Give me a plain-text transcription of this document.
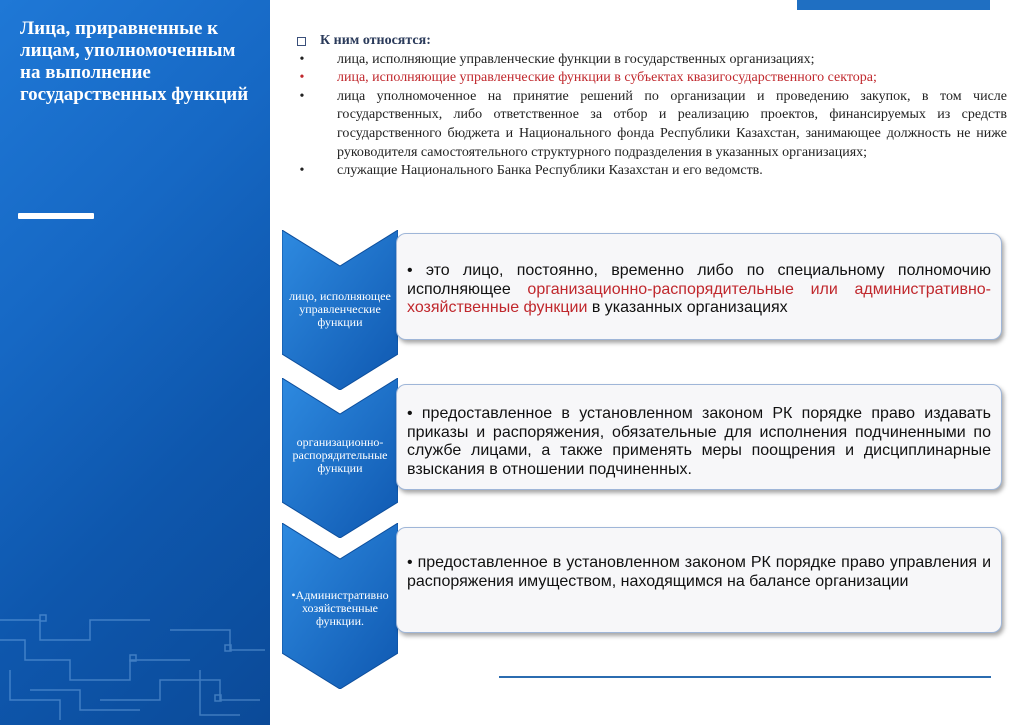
Лица, приравненные к лицам, уполномоченным на выполнение государственных функций
К ним относятся:
• лица, исполняющие управленческие функции в государственных организациях;
• лица, исполняющие управленческие функции в субъектах квазигосударственного сектора;
• лица уполномоченное на принятие решений по организации и проведению закупок, в том числе государственных, либо ответственное за отбор и реализацию проектов, финансируемых из средств государственного бюджета и Национального фонда Республики Казахстан, занимающее должность не ниже руководителя самостоятельного структурного подразделения в указанных организациях;
• служащие Национального Банка Республики Казахстан и его ведомств.
лицо, исполняющее управленческие функции
• это лицо, постоянно, временно либо по специальному полномочию исполняющее организационно-распорядительные или административно-хозяйственные функции в указанных организациях
организационно-распорядительные функции
• предоставленное в установленном законом РК порядке право издавать приказы и распоряжения, обязательные для исполнения подчиненными по службе лицами, а также применять меры поощрения и дисциплинарные взыскания в отношении подчиненных.
•Административно хозяйственные функции.
• предоставленное в установленном законом РК порядке право управления и распоряжения имуществом, находящимся на балансе организации
